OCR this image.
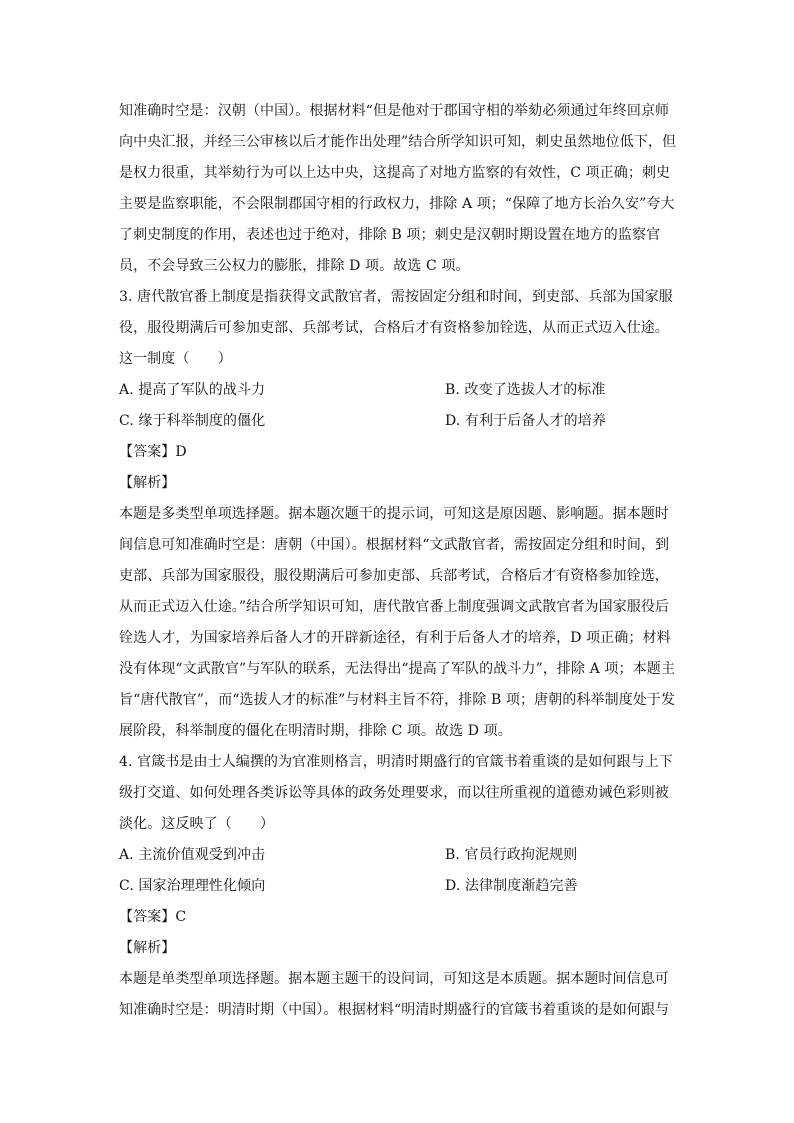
知准确时空是：汉朝（中国）。根据材料“但是他对于郡国守相的举劾必须通过年终回京师
向中央汇报，并经三公审核以后才能作出处理”结合所学知识可知，刺史虽然地位低下，但
是权力很重，其举劾行为可以上达中央，这提高了对地方监察的有效性，C 项正确；刺史
主要是监察职能，不会限制郡国守相的行政权力，排除 A 项；“保障了地方长治久安”夸大
了刺史制度的作用，表述也过于绝对，排除 B 项；刺史是汉朝时期设置在地方的监察官
员，不会导致三公权力的膨胀，排除 D 项。故选 C 项。
3. 唐代散官番上制度是指获得文武散官者，需按固定分组和时间，到吏部、兵部为国家服
役，服役期满后可参加吏部、兵部考试，合格后才有资格参加铨选，从而正式迈入仕途。
这一制度（　　）
A. 提高了军队的战斗力	B. 改变了选拔人才的标准
C. 缘于科举制度的僵化	D. 有利于后备人才的培养
【答案】D
【解析】
本题是多类型单项选择题。据本题次题干的提示词，可知这是原因题、影响题。据本题时
间信息可知准确时空是：唐朝（中国）。根据材料“文武散官者，需按固定分组和时间，到
吏部、兵部为国家服役，服役期满后可参加吏部、兵部考试，合格后才有资格参加铨选，
从而正式迈入仕途。”结合所学知识可知，唐代散官番上制度强调文武散官者为国家服役后
铨选人才，为国家培养后备人才的开辟新途径，有利于后备人才的培养，D 项正确；材料
没有体现“文武散官”与军队的联系，无法得出“提高了军队的战斗力”，排除 A 项；本题主
旨“唐代散官”，而“选拔人才的标准”与材料主旨不符，排除 B 项；唐朝的科举制度处于发
展阶段，科举制度的僵化在明清时期，排除 C 项。故选 D 项。
4. 官箴书是由士人编撰的为官准则格言，明清时期盛行的官箴书着重谈的是如何跟与上下
级打交道、如何处理各类诉讼等具体的政务处理要求，而以往所重视的道德劝诫色彩则被
淡化。这反映了（　　）
A. 主流价值观受到冲击	B. 官员行政拘泥规则
C. 国家治理理性化倾向	D. 法律制度渐趋完善
【答案】C
【解析】
本题是单类型单项选择题。据本题主题干的设问词，可知这是本质题。据本题时间信息可
知准确时空是：明清时期（中国）。根据材料“明清时期盛行的官箴书着重谈的是如何跟与
